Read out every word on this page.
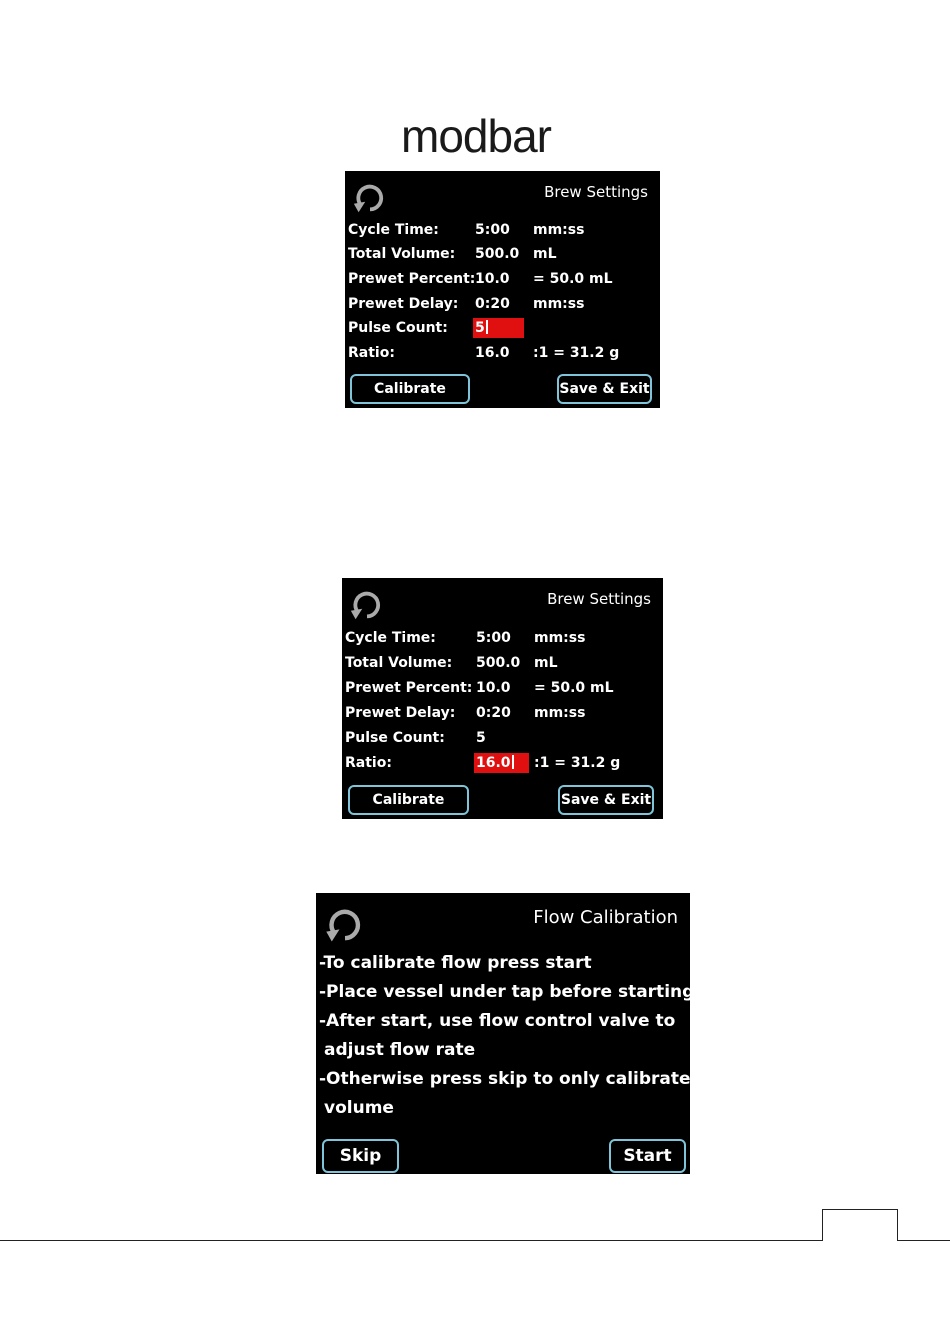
modbar
Brew Settings
Cycle Time:	5:00 mm:ss
Total Volume: 500.0 mL
Prewet Percent: 10.0 = 50.0 mL
Prewet Delay: 0:20 mm:ss
Pulse Count: 5
Ratio:	16.0 :1 = 31.2 g
Calibrate	Save & Exit
Brew Settings
Cycle Time:	5:00 mm:ss
Total Volume: 500.0 mL
Prewet Percent: 10.0 = 50.0 mL
Prewet Delay: 0:20 mm:ss
Pulse Count: 5
Ratio:	16.0	:1 = 31.2 g
Calibrate	Save & Exit
Flow Calibration
-To calibrate flow press start
-Place vessel under tap before starting
-After start, use flow control valve to
adjust flow rate
-Otherwise press skip to only calibrate
volume
Skip	Start
